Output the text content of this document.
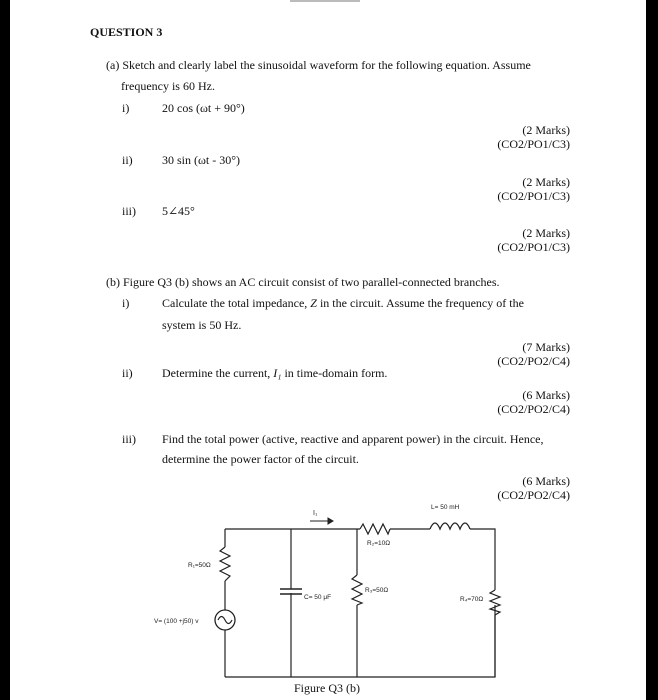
QUESTION 3
(a) Sketch and clearly label the sinusoidal waveform for the following equation. Assume
frequency is 60 Hz.
i)	20 cos (ωt + 90°)
(2 Marks)
(CO2/PO1/C3)
ii) 30 sin (ωt - 30°)
(2 Marks)
(CO2/PO1/C3)
iii) 5∠45°
(2 Marks)
(CO2/PO1/C3)
(b) Figure Q3 (b) shows an AC circuit consist of two parallel-connected branches.
i)	Calculate the total impedance, Z in the circuit. Assume the frequency of the
system is 50 Hz.
(7 Marks)
(CO2/PO2/C4)
ii) Determine the current, I₁ in time-domain form.
(6 Marks)
(CO2/PO2/C4)
iii) Find the total power (active, reactive and apparent power) in the circuit. Hence,
determine the power factor of the circuit.
(6 Marks)
(CO2/PO2/C4)
I₁
L= 50 mH
R₂=10Ω
R₁=50Ω
C= 50 μF
R₃=50Ω
R₄=70Ω
V= (100 +j50) v
Figure Q3 (b)
